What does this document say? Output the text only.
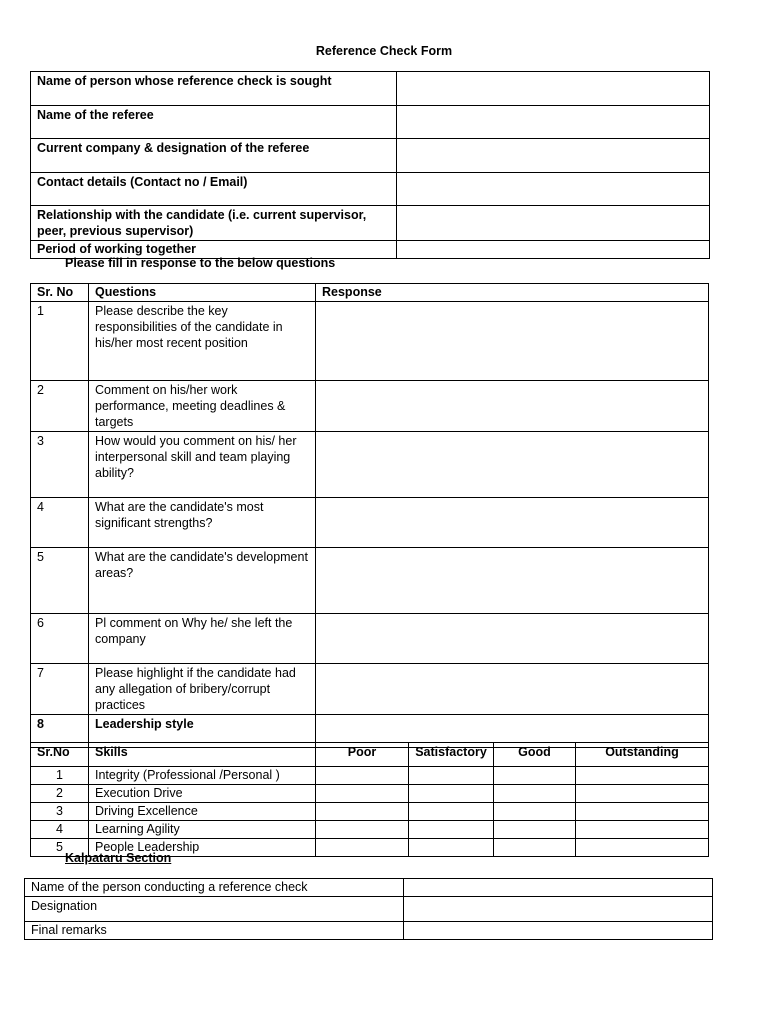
Reference Check Form
Name of person whose reference check is sought	
Name of the referee	
Current company & designation of the referee	
Contact details (Contact no / Email)	
Relationship with the candidate (i.e. current supervisor, peer, previous supervisor)	
Period of working together	
Please fill in response to the below questions
Sr. No	Questions	Response
1	Please describe the key responsibilities of the candidate in his/her most recent position	
2	Comment on his/her work performance, meeting deadlines & targets	
3	How would you comment on his/ her interpersonal skill and team playing ability?	
4	What are the candidate's most significant strengths?	
5	What are the candidate's development areas?	
6	Pl comment on Why he/ she left the company	
7	Please highlight if the candidate had any allegation of bribery/corrupt practices	
8	Leadership style	
Sr.No	Skills	Poor	Satisfactory	Good	Outstanding
1	Integrity (Professional /Personal )				
2	Execution Drive				
3	Driving Excellence				
4	Learning Agility				
5	People Leadership				
Kalpataru Section
Name of the person conducting a reference check	
Designation	
Final remarks	
